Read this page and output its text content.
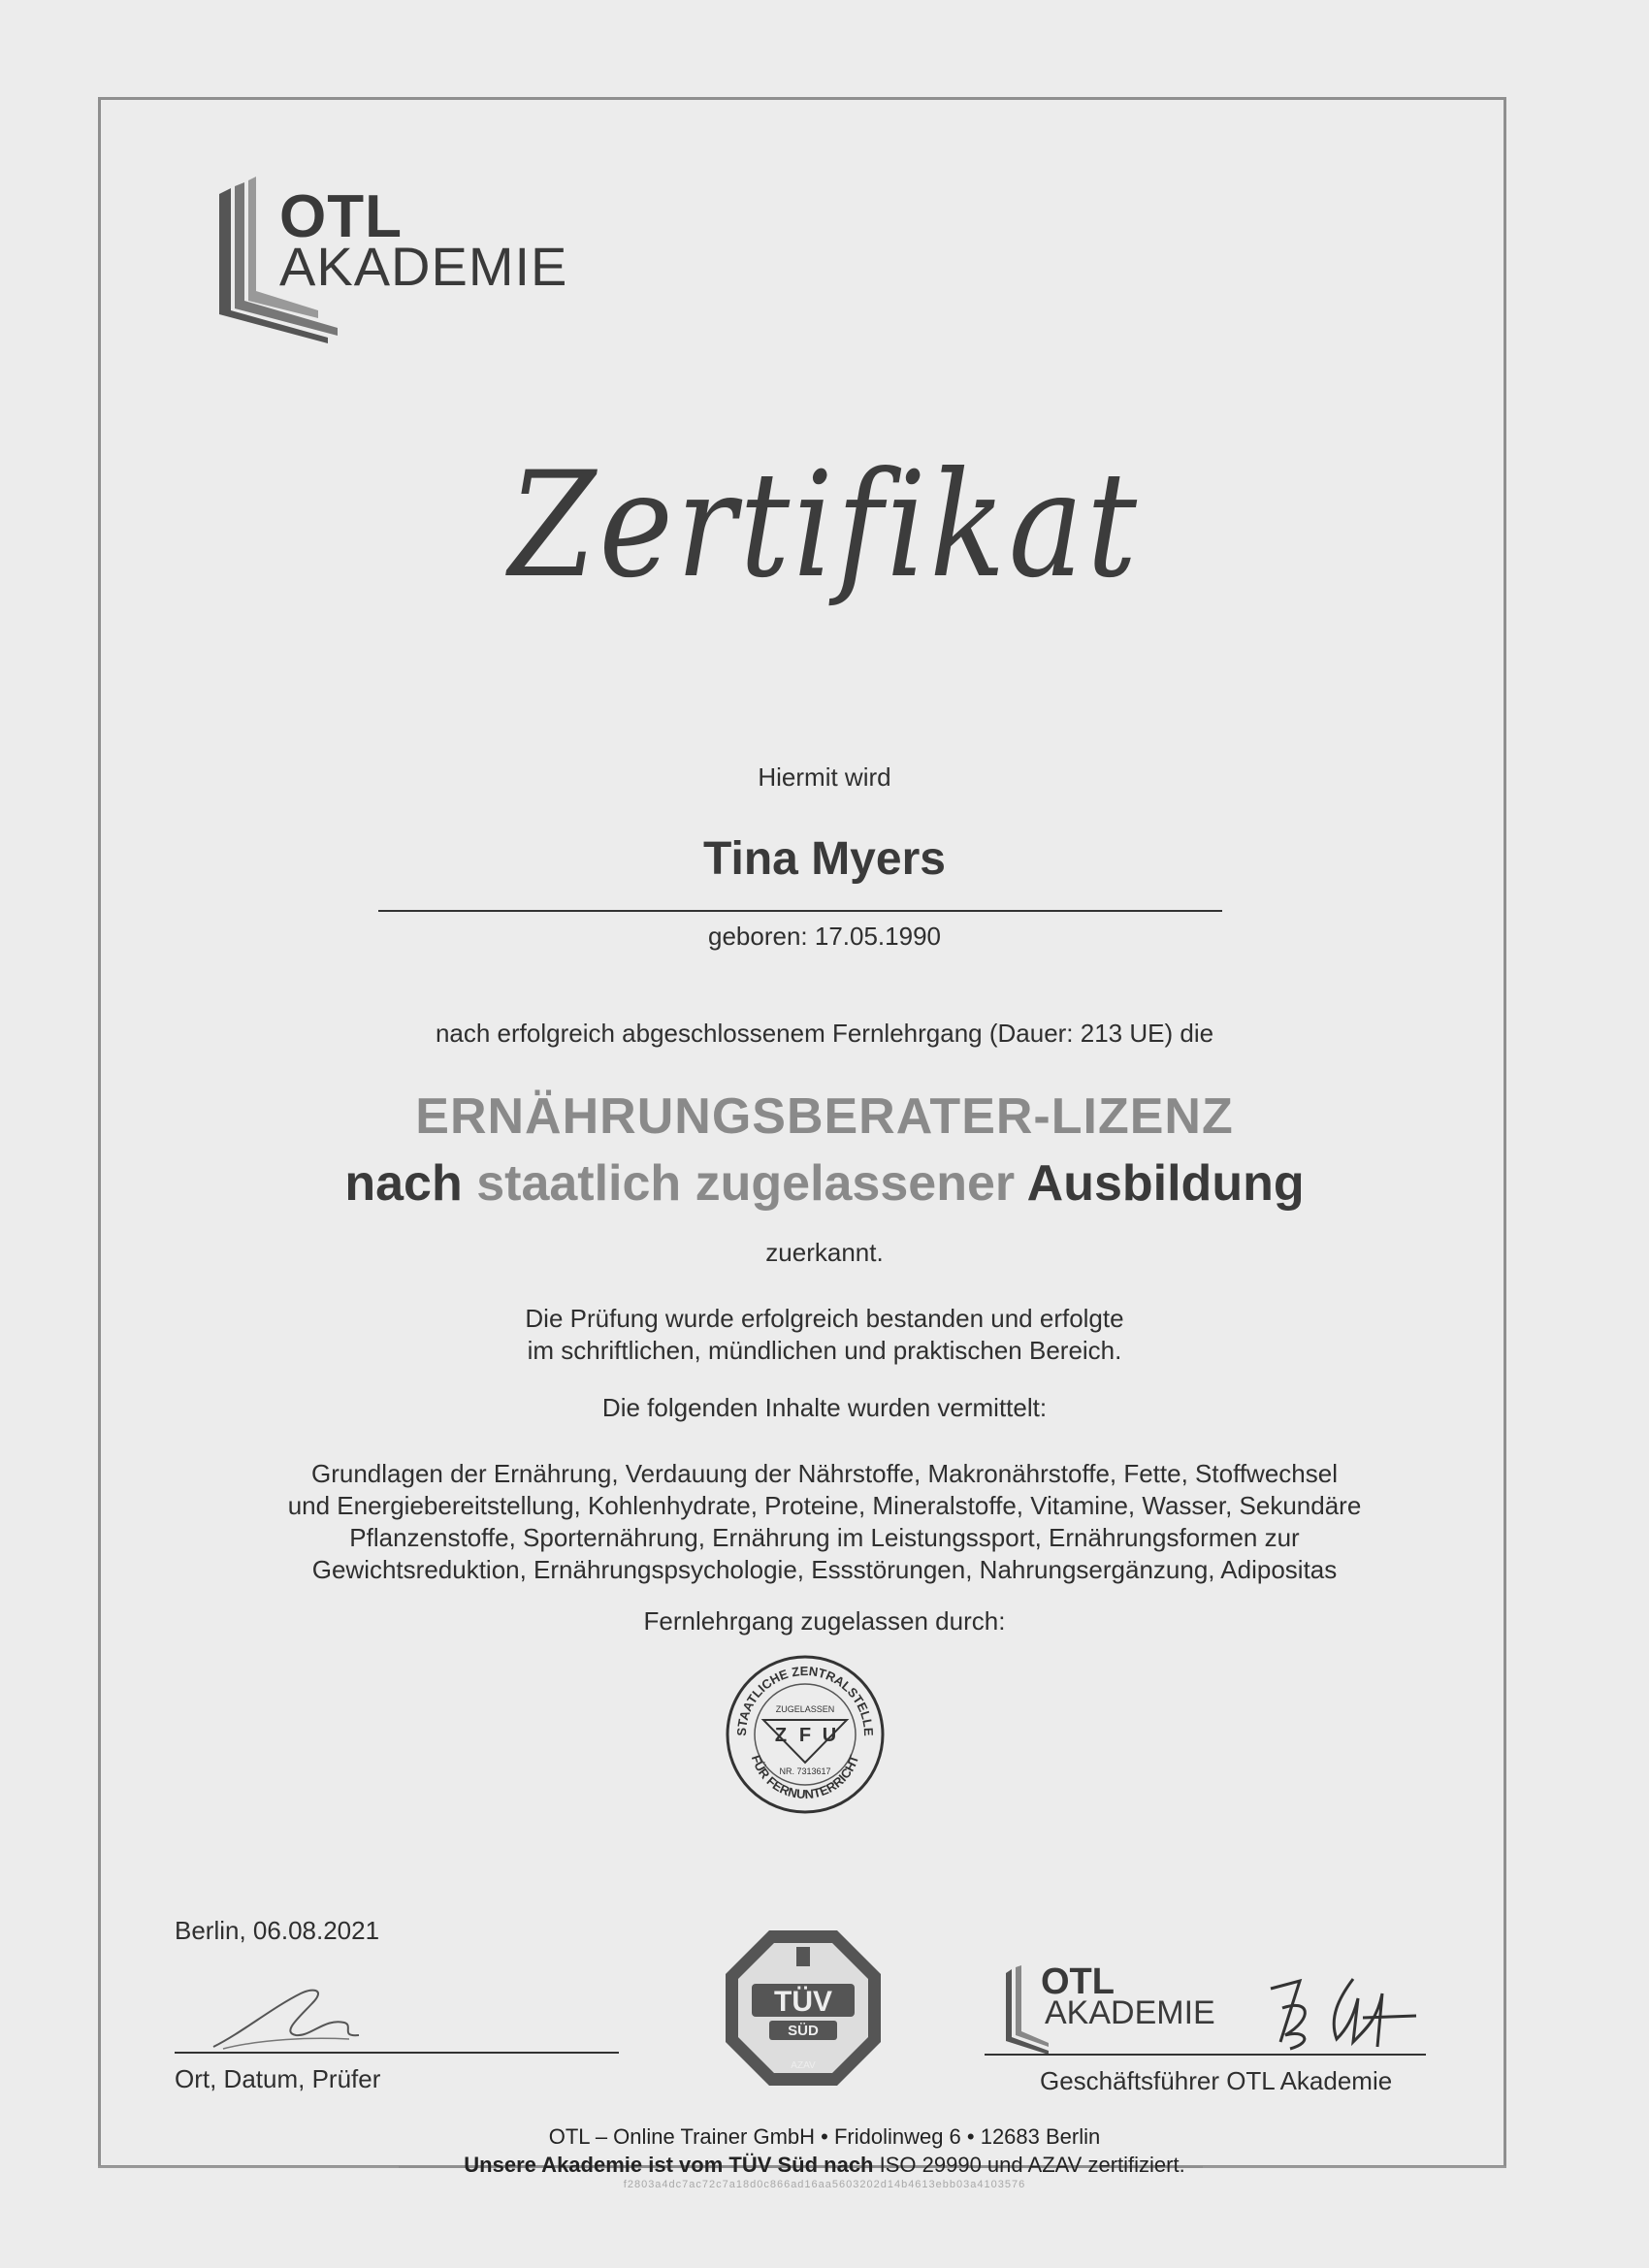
OTL
AKADEMIE
Zertifikat
Hiermit wird
Tina Myers
geboren: 17.05.1990
nach erfolgreich abgeschlossenem Fernlehrgang (Dauer: 213 UE) die
ERNÄHRUNGSBERATER-LIZENZ
nach staatlich zugelassener Ausbildung
zuerkannt.
Die Prüfung wurde erfolgreich bestanden und erfolgte
im schriftlichen, mündlichen und praktischen Bereich.
Die folgenden Inhalte wurden vermittelt:
Grundlagen der Ernährung, Verdauung der Nährstoffe, Makronährstoffe, Fette, Stoffwechsel
und Energiebereitstellung, Kohlenhydrate, Proteine, Mineralstoffe, Vitamine, Wasser, Sekundäre
Pflanzenstoffe, Sporternährung, Ernährung im Leistungssport, Ernährungsformen zur
Gewichtsreduktion, Ernährungspsychologie, Essstörungen, Nahrungsergänzung, Adipositas
Fernlehrgang zugelassen durch:
STAATLICHE ZENTRALSTELLE
FÜR FERNUNTERRICHT
ZUGELASSEN
Z F U
NR. 7313617
Berlin, 06.08.2021
Ort, Datum, Prüfer
TÜV
SÜD
AZAV
OTL
AKADEMIE
Geschäftsführer OTL Akademie
OTL – Online Trainer GmbH • Fridolinweg 6 • 12683 Berlin
Unsere Akademie ist vom TÜV Süd nach ISO 29990 und AZAV zertifiziert.
f2803a4dc7ac72c7a18d0c866ad16aa5603202d14b4613ebb03a4103576
